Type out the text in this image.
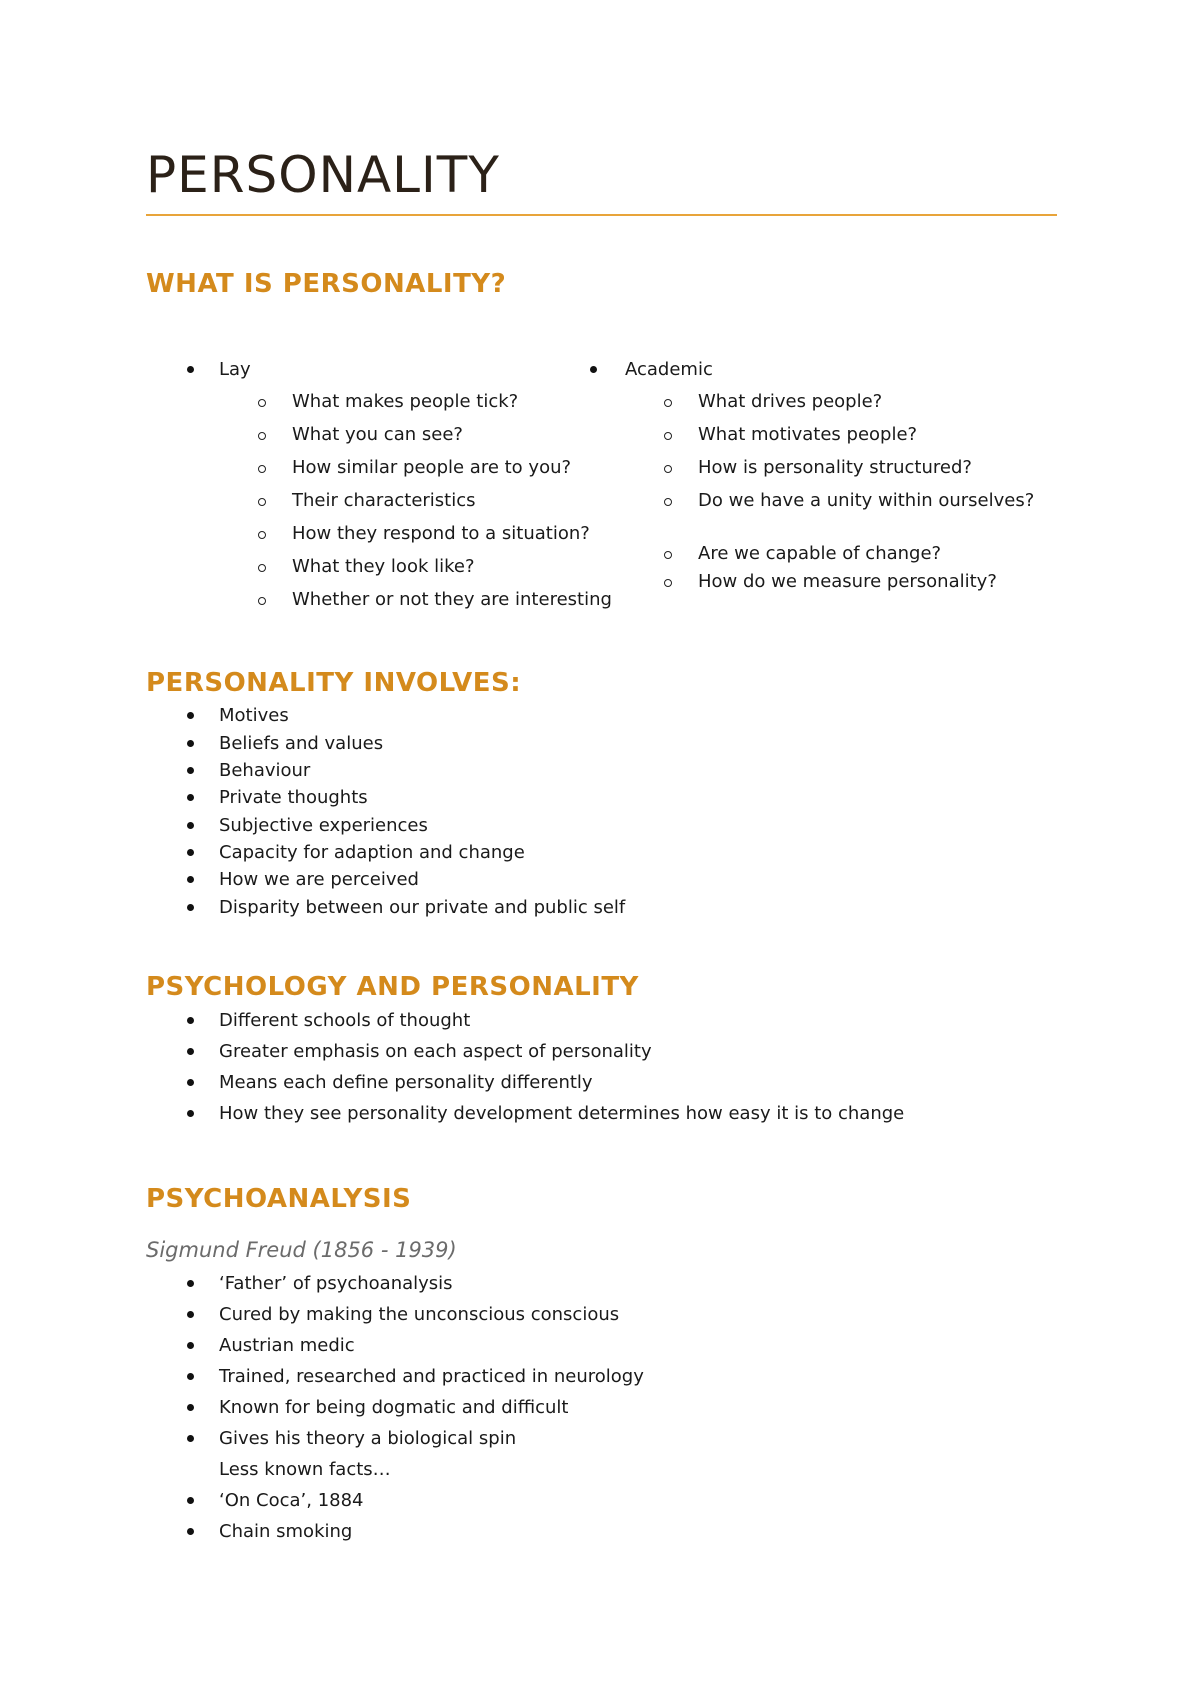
PERSONALITY
WHAT IS PERSONALITY?
Lay
What makes people tick?
What you can see?
How similar people are to you?
Their characteristics
How they respond to a situation?
What they look like?
Whether or not they are interesting
Academic
What drives people?
What motivates people?
How is personality structured?
Do we have a unity within ourselves?
Are we capable of change?
How do we measure personality?
PERSONALITY INVOLVES:
Motives
Beliefs and values
Behaviour
Private thoughts
Subjective experiences
Capacity for adaption and change
How we are perceived
Disparity between our private and public self
PSYCHOLOGY AND PERSONALITY
Different schools of thought
Greater emphasis on each aspect of personality
Means each define personality differently
How they see personality development determines how easy it is to change
PSYCHOANALYSIS
Sigmund Freud (1856 - 1939)
‘Father’ of psychoanalysis
Cured by making the unconscious conscious
Austrian medic
Trained, researched and practiced in neurology
Known for being dogmatic and difficult
Gives his theory a biological spin
Less known facts…
‘On Coca’, 1884
Chain smoking
